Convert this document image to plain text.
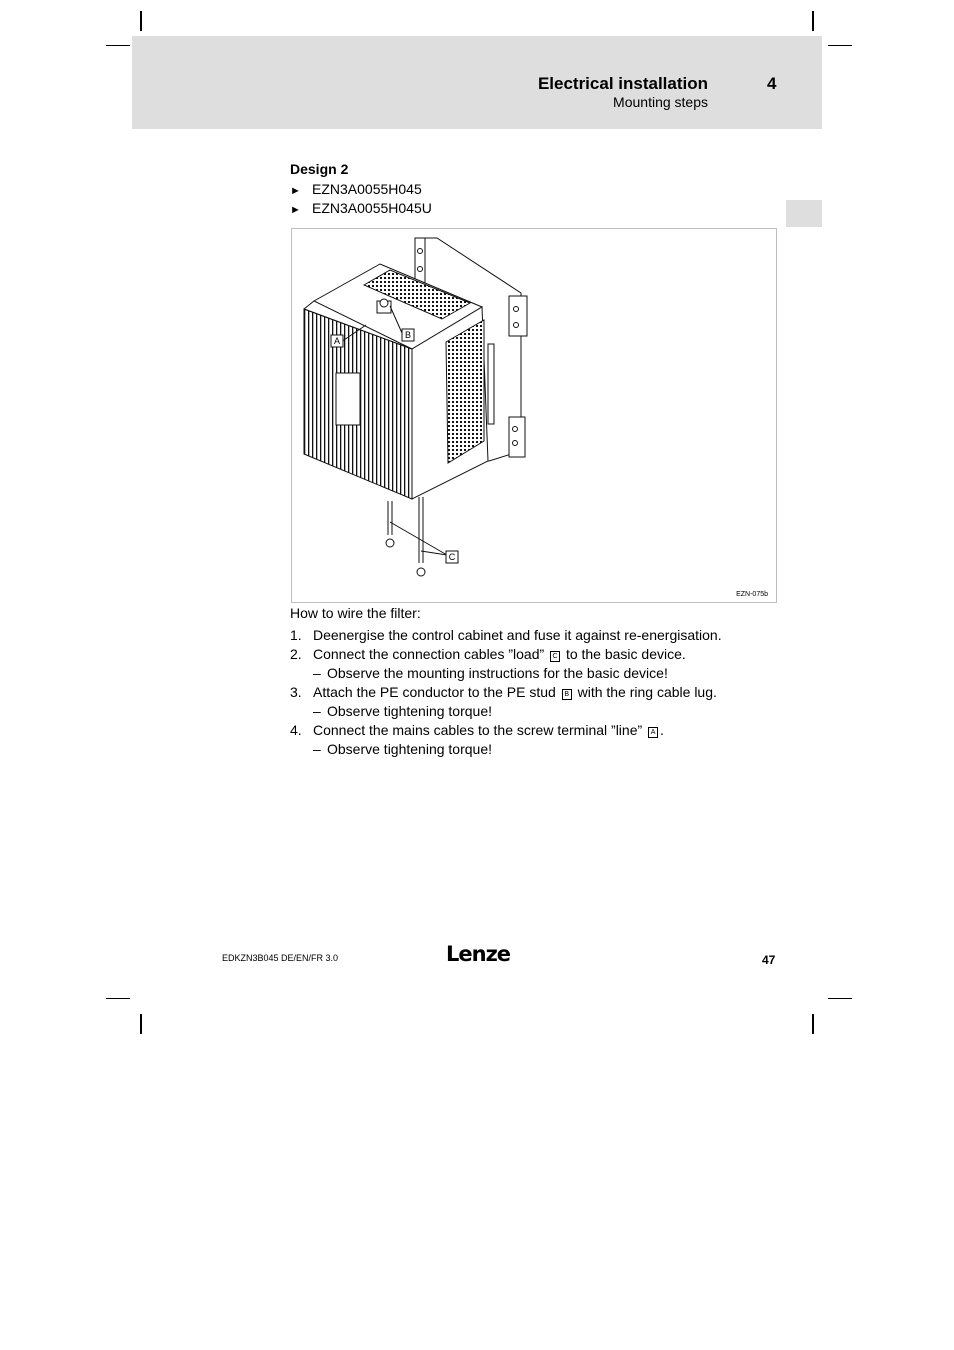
Electrical installation
Mounting steps
4
Design 2
► EZN3A0055H045
► EZN3A0055H045U
A
B
C
EZN-075b
How to wire the filter:
1. Deenergise the control cabinet and fuse it against re-energisation.
2. Connect the connection cables ”load” C to the basic device.
– Observe the mounting instructions for the basic device!
3. Attach the PE conductor to the PE stud B with the ring cable lug.
– Observe tightening torque!
4. Connect the mains cables to the screw terminal ”line” A .
– Observe tightening torque!
EDKZN3B045 DE/EN/FR 3.0	Lenze	47
